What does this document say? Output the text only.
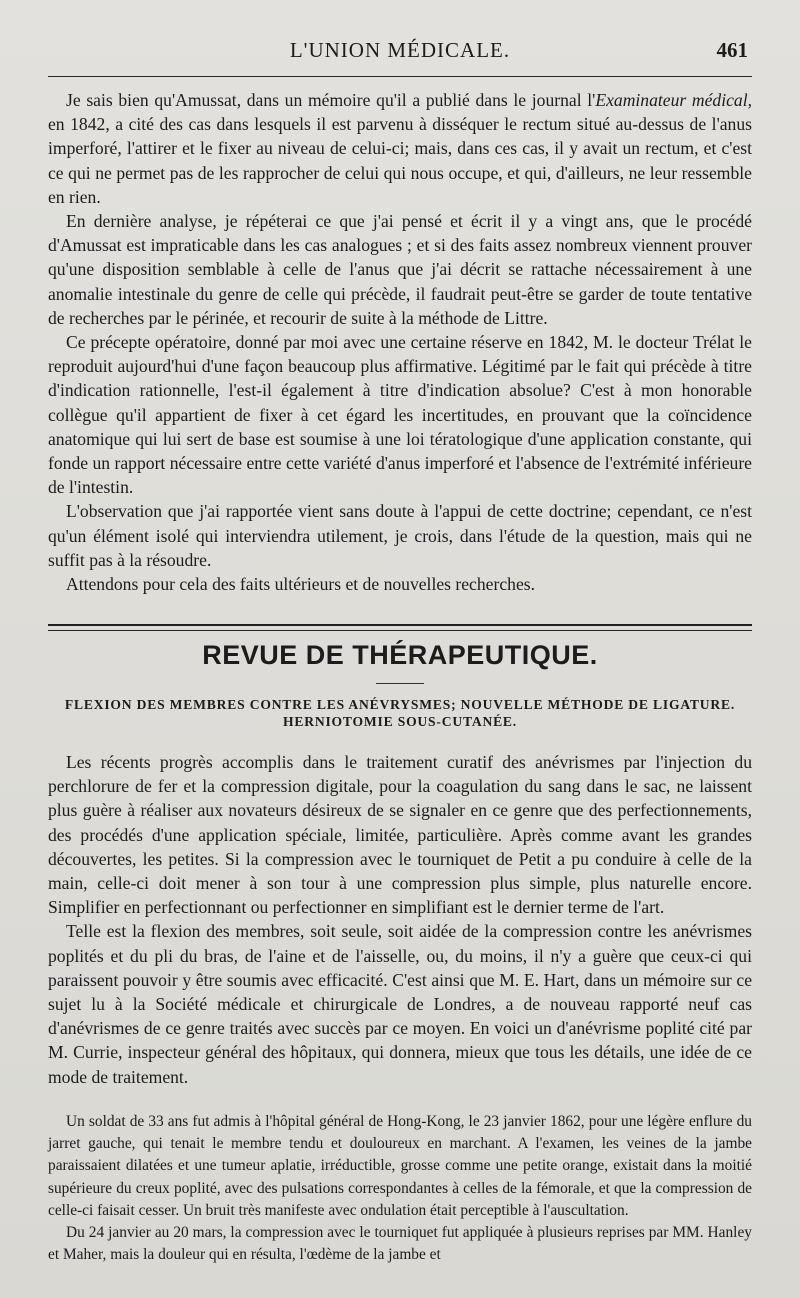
L'UNION MÉDICALE.	461

Je sais bien qu'Amussat, dans un mémoire qu'il a publié dans le journal l'Examinateur médical, en 1842, a cité des cas dans lesquels il est parvenu à disséquer le rectum situé au-dessus de l'anus imperforé, l'attirer et le fixer au niveau de celui-ci; mais, dans ces cas, il y avait un rectum, et c'est ce qui ne permet pas de les rapprocher de celui qui nous occupe, et qui, d'ailleurs, ne leur ressemble en rien.

En dernière analyse, je répéterai ce que j'ai pensé et écrit il y a vingt ans, que le procédé d'Amussat est impraticable dans les cas analogues ; et si des faits assez nombreux viennent prouver qu'une disposition semblable à celle de l'anus que j'ai décrit se rattache nécessairement à une anomalie intestinale du genre de celle qui précède, il faudrait peut-être se garder de toute tentative de recherches par le périnée, et recourir de suite à la méthode de Littre.

Ce précepte opératoire, donné par moi avec une certaine réserve en 1842, M. le docteur Trélat le reproduit aujourd'hui d'une façon beaucoup plus affirmative. Légitimé par le fait qui précède à titre d'indication rationnelle, l'est-il également à titre d'indication absolue? C'est à mon honorable collègue qu'il appartient de fixer à cet égard les incertitudes, en prouvant que la coïncidence anatomique qui lui sert de base est soumise à une loi tératologique d'une application constante, qui fonde un rapport nécessaire entre cette variété d'anus imperforé et l'absence de l'extrémité inférieure de l'intestin.

L'observation que j'ai rapportée vient sans doute à l'appui de cette doctrine; cependant, ce n'est qu'un élément isolé qui interviendra utilement, je crois, dans l'étude de la question, mais qui ne suffit pas à la résoudre.

Attendons pour cela des faits ultérieurs et de nouvelles recherches.

REVUE DE THÉRAPEUTIQUE.
FLEXION DES MEMBRES CONTRE LES ANÉVRYSMES; NOUVELLE MÉTHODE DE LIGATURE.
HERNIOTOMIE SOUS-CUTANÉE.

Les récents progrès accomplis dans le traitement curatif des anévrismes par l'injection du perchlorure de fer et la compression digitale, pour la coagulation du sang dans le sac, ne laissent plus guère à réaliser aux novateurs désireux de se signaler en ce genre que des perfectionnements, des procédés d'une application spéciale, limitée, particulière. Après comme avant les grandes découvertes, les petites. Si la compression avec le tourniquet de Petit a pu conduire à celle de la main, celle-ci doit mener à son tour à une compression plus simple, plus naturelle encore. Simplifier en perfectionnant ou perfectionner en simplifiant est le dernier terme de l'art.

Telle est la flexion des membres, soit seule, soit aidée de la compression contre les anévrismes poplités et du pli du bras, de l'aine et de l'aisselle, ou, du moins, il n'y a guère que ceux-ci qui paraissent pouvoir y être soumis avec efficacité. C'est ainsi que M. E. Hart, dans un mémoire sur ce sujet lu à la Société médicale et chirurgicale de Londres, a de nouveau rapporté neuf cas d'anévrismes de ce genre traités avec succès par ce moyen. En voici un d'anévrisme poplité cité par M. Currie, inspecteur général des hôpitaux, qui donnera, mieux que tous les détails, une idée de ce mode de traitement.

Un soldat de 33 ans fut admis à l'hôpital général de Hong-Kong, le 23 janvier 1862, pour une légère enflure du jarret gauche, qui tenait le membre tendu et douloureux en marchant. A l'examen, les veines de la jambe paraissaient dilatées et une tumeur aplatie, irréductible, grosse comme une petite orange, existait dans la moitié supérieure du creux poplité, avec des pulsations correspondantes à celles de la fémorale, et que la compression de celle-ci faisait cesser. Un bruit très manifeste avec ondulation était perceptible à l'auscultation.

Du 24 janvier au 20 mars, la compression avec le tourniquet fut appliquée à plusieurs reprises par MM. Hanley et Maher, mais la douleur qui en résulta, l'œdème de la jambe et
